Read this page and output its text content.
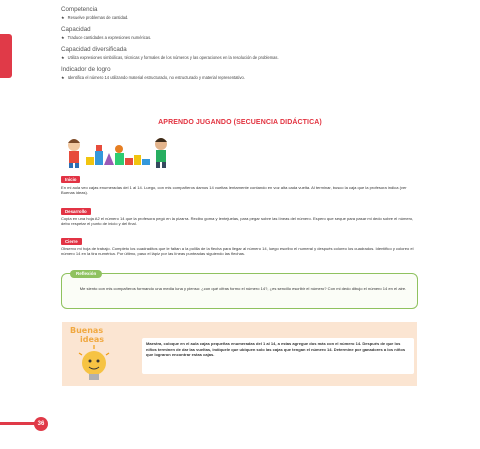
Competencia
★ Resuelve problemas de cantidad.
Capacidad
★ Traduce cantidades a expresiones numéricas.
Capacidad diversificada
★ Utiliza expresiones simbólicas, técnicas y formales de los números y las operaciones en la resolución de problemas.
Indicador de logro
★ Identifica el número 14 utilizando material estructurado, no estructurado y material representativo.
APRENDO JUGANDO (SECUENCIA DIDÁCTICA)
Inicio
En mi aula veo cajas enumeradas del 1 al 14. Luego, con mis compañeros damos 14 vueltas lentamente contando en voz alta cada vuelta. Al terminar, busco la caja que la profesora indica (ver Buenas ideas).
Desarrollo
Copia en una hoja A2 el número 14 que la profesora pegó en la pizarra. Recibo goma y lentejuelas, para pegar sobre las líneas del número. Espero que seque para pasar mi dedo sobre el número, debo respetar el punto de inicio y del final.
Cierre
Observo mi hoja de trabajo. Completo los cuadraditos que le faltan a la polilla de la flecha para llegar al número 14, luego escribo el numeral y después coloreo los cuadrados. Identifico y coloreo el número 14 en la tira numérica. Por último, paso el lápiz por las líneas punteadas siguiendo las flechas.
Reflexión
Me siento con mis compañeros formando una media luna y pienso: ¿con qué cifras formo el número 14?, ¿es sencillo escribir el número? Con mi dedo dibujo el número 14 en el aire.
Buenas
ideas	Maestra, coloque en el aula cajas pequeñas enumeradas del 1 al 14, a estas agregue dos más con el número 14. Después de que los niños terminen de dar las vueltas, indíquele que ubiquen solo las cajas que tengan el número 14. Determine por ganadores a los niños que lograron encontrar estas cajas.
36
